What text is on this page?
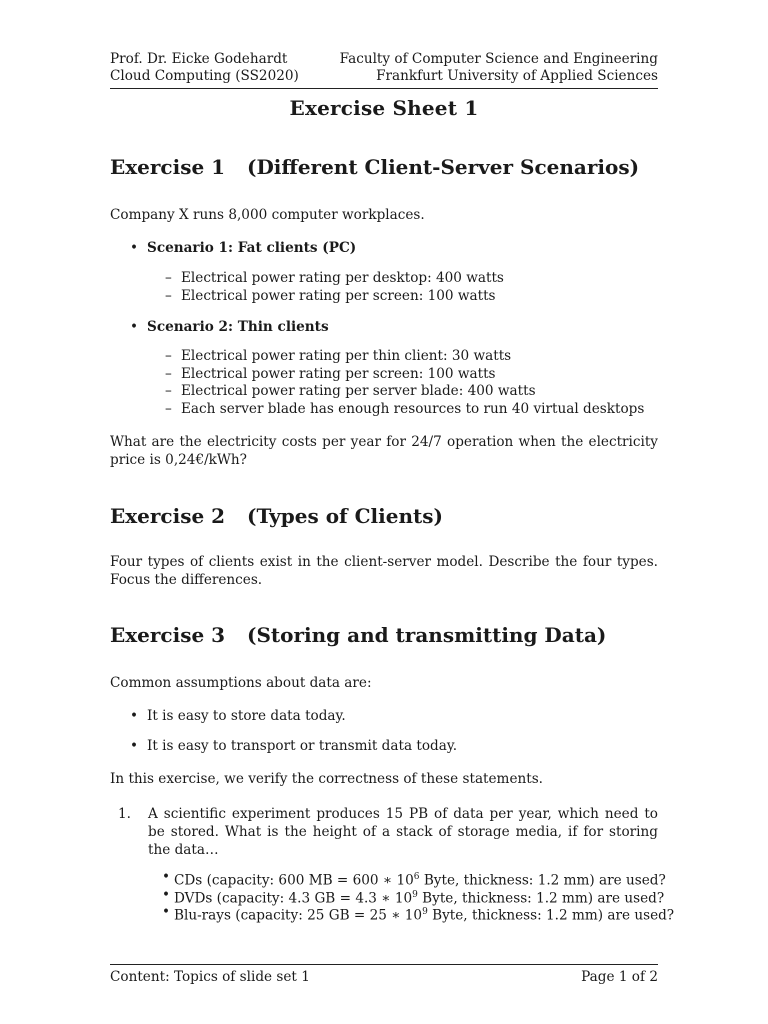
Prof. Dr. Eicke Godehardt
Cloud Computing (SS2020)
Faculty of Computer Science and Engineering
Frankfurt University of Applied Sciences
Exercise Sheet 1
Exercise 1 (Different Client-Server Scenarios)

Company X runs 8,000 computer workplaces.

• Scenario 1: Fat clients (PC)
– Electrical power rating per desktop: 400 watts
– Electrical power rating per screen: 100 watts
• Scenario 2: Thin clients
– Electrical power rating per thin client: 30 watts
– Electrical power rating per screen: 100 watts
– Electrical power rating per server blade: 400 watts
– Each server blade has enough resources to run 40 virtual desktops

What are the electricity costs per year for 24/7 operation when the electricity price is 0,24€/kWh?

Exercise 2 (Types of Clients)

Four types of clients exist in the client-server model. Describe the four types. Focus the differences.

Exercise 3 (Storing and transmitting Data)

Common assumptions about data are:

• It is easy to store data today.
• It is easy to transport or transmit data today.

In this exercise, we verify the correctness of these statements.

1. A scientific experiment produces 15 PB of data per year, which need to be stored. What is the height of a stack of storage media, if for storing the data…
• CDs (capacity: 600 MB = 600 ∗ $10^6$ Byte, thickness: 1.2 mm) are used?
• DVDs (capacity: 4.3 GB = 4.3 ∗ $10^9$ Byte, thickness: 1.2 mm) are used?
• Blu-rays (capacity: 25 GB = 25 ∗ $10^9$ Byte, thickness: 1.2 mm) are used?
Content: Topics of slide set 1	Page 1 of 2
